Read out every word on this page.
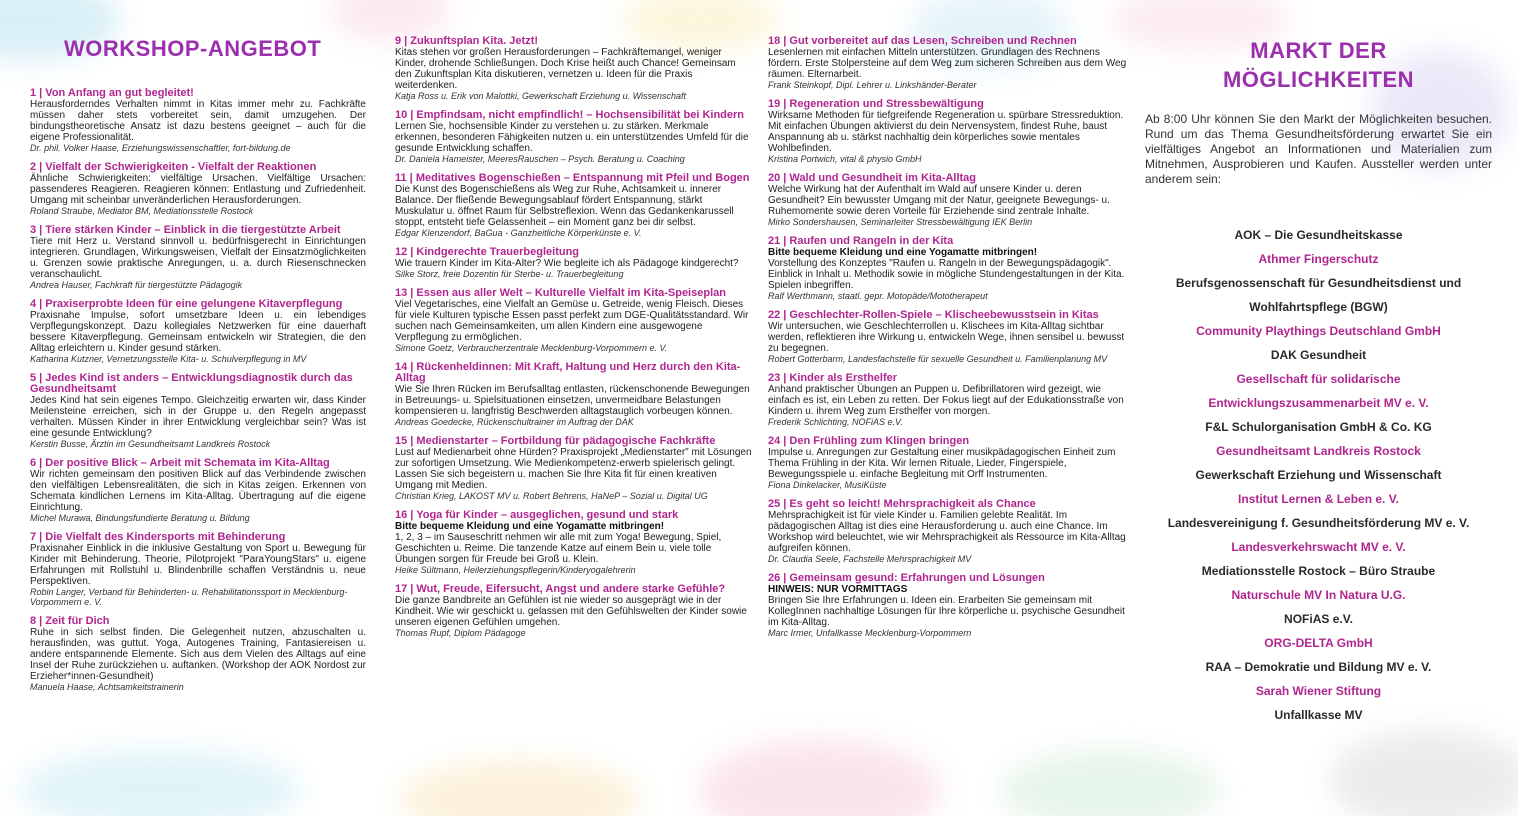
WORKSHOP-ANGEBOT
1 | Von Anfang an gut begleitet!
Herausforderndes Verhalten nimmt in Kitas immer mehr zu. Fachkräfte müssen daher stets vorbereitet sein, damit umzugehen. Der bindungstheoretische Ansatz ist dazu bestens geeignet – auch für die eigene Professionalität.
Dr. phil. Volker Haase, Erziehungswissenschaftler, fort-bildung.de
2 | Vielfalt der Schwierigkeiten - Vielfalt der Reaktionen
Ähnliche Schwierigkeiten: vielfältige Ursachen. Vielfältige Ursachen: passenderes Reagieren. Reagieren können: Entlastung und Zufriedenheit. Umgang mit scheinbar unveränderlichen Herausforderungen.
Roland Straube, Mediator BM, Mediationsstelle Rostock
3 | Tiere stärken Kinder – Einblick in die tiergestützte Arbeit
Tiere mit Herz u. Verstand sinnvoll u. bedürfnisgerecht in Einrichtungen integrieren. Grundlagen, Wirkungsweisen, Vielfalt der Einsatzmöglichkeiten u. Grenzen sowie praktische Anregungen, u. a. durch Riesenschnecken veranschaulicht.
Andrea Hauser, Fachkraft für tiergestützte Pädagogik
4 | Praxiserprobte Ideen für eine gelungene Kitaverpflegung
Praxisnahe Impulse, sofort umsetzbare Ideen u. ein lebendiges Verpflegungskonzept. Dazu kollegiales Netzwerken für eine dauerhaft bessere Kitaverpflegung. Gemeinsam entwickeln wir Strategien, die den Alltag erleichtern u. Kinder gesund stärken.
Katharina Kutzner, Vernetzungsstelle Kita- u. Schulverpflegung in MV
5 | Jedes Kind ist anders – Entwicklungsdiagnostik durch das Gesundheitsamt
Jedes Kind hat sein eigenes Tempo. Gleichzeitig erwarten wir, dass Kinder Meilensteine erreichen, sich in der Gruppe u. den Regeln angepasst verhalten. Müssen Kinder in ihrer Entwicklung vergleichbar sein? Was ist eine gesunde Entwicklung?
Kerstin Busse, Ärztin im Gesundheitsamt Landkreis Rostock
6 | Der positive Blick – Arbeit mit Schemata im Kita-Alltag
Wir richten gemeinsam den positiven Blick auf das Verbindende zwischen den vielfältigen Lebensrealitäten, die sich in Kitas zeigen. Erkennen von Schemata kindlichen Lernens im Kita-Alltag. Übertragung auf die eigene Einrichtung.
Michel Murawa, Bindungsfundierte Beratung u. Bildung
7 | Die Vielfalt des Kindersports mit Behinderung
Praxisnaher Einblick in die inklusive Gestaltung von Sport u. Bewegung für Kinder mit Behinderung. Theorie, Pilotprojekt "ParaYoungStars" u. eigene Erfahrungen mit Rollstuhl u. Blindenbrille schaffen Verständnis u. neue Perspektiven.
Robin Langer, Verband für Behinderten- u. Rehabilitationssport in Mecklenburg-Vorpommern e. V.
8 | Zeit für Dich
Ruhe in sich selbst finden. Die Gelegenheit nutzen, abzuschalten u. herausfinden, was guttut. Yoga, Autogenes Training, Fantasiereisen u. andere entspannende Elemente. Sich aus dem Vielen des Alltags auf eine Insel der Ruhe zurückziehen u. auftanken. (Workshop der AOK Nordost zur Erzieher*innen-Gesundheit)
Manuela Haase, Achtsamkeitstrainerin
9 | Zukunftsplan Kita. Jetzt!
Kitas stehen vor großen Herausforderungen – Fachkräftemangel, weniger Kinder, drohende Schließungen. Doch Krise heißt auch Chance! Gemeinsam den Zukunftsplan Kita diskutieren, vernetzen u. Ideen für die Praxis weiterdenken.
Katja Ross u. Erik von Malottki, Gewerkschaft Erziehung u. Wissenschaft
10 | Empfindsam, nicht empfindlich! – Hochsensibilität bei Kindern
Lernen Sie, hochsensible Kinder zu verstehen u. zu stärken. Merkmale erkennen, besonderen Fähigkeiten nutzen u. ein unterstützendes Umfeld für die gesunde Entwicklung schaffen.
Dr. Daniela Hameister, MeeresRauschen – Psych. Beratung u. Coaching
11 | Meditatives Bogenschießen – Entspannung mit Pfeil und Bogen
Die Kunst des Bogenschießens als Weg zur Ruhe, Achtsamkeit u. innerer Balance. Der fließende Bewegungsablauf fördert Entspannung, stärkt Muskulatur u. öffnet Raum für Selbstreflexion. Wenn das Gedankenkarussell stoppt, entsteht tiefe Gelassenheit – ein Moment ganz bei dir selbst.
Edgar Klenzendorf, BaGua - Ganzheitliche Körperkünste e. V.
12 | Kindgerechte Trauerbegleitung
Wie trauern Kinder im Kita-Alter? Wie begleite ich als Pädagoge kindgerecht?
Silke Storz, freie Dozentin für Sterbe- u. Trauerbegleitung
13 | Essen aus aller Welt – Kulturelle Vielfalt im Kita-Speiseplan
Viel Vegetarisches, eine Vielfalt an Gemüse u. Getreide, wenig Fleisch. Dieses für viele Kulturen typische Essen passt perfekt zum DGE-Qualitätsstandard. Wir suchen nach Gemeinsamkeiten, um allen Kindern eine ausgewogene Verpflegung zu ermöglichen.
Simone Goetz, Verbraucherzentrale Mecklenburg-Vorpommern e. V.
14 | Rückenheldinnen: Mit Kraft, Haltung und Herz durch den Kita-Alltag
Wie Sie Ihren Rücken im Berufsalltag entlasten, rückenschonende Bewegungen in Betreuungs- u. Spielsituationen einsetzen, unvermeidbare Belastungen kompensieren u. langfristig Beschwerden alltagstauglich vorbeugen können.
Andreas Goedecke, Rückenschultrainer im Auftrag der DAK
15 | Medienstarter – Fortbildung für pädagogische Fachkräfte
Lust auf Medienarbeit ohne Hürden? Praxisprojekt „Medienstarter" mit Lösungen zur sofortigen Umsetzung. Wie Medienkompetenz-erwerb spielerisch gelingt. Lassen Sie sich begeistern u. machen Sie Ihre Kita fit für einen kreativen Umgang mit Medien.
Christian Krieg, LAKOST MV u. Robert Behrens, HaNeP – Sozial u. Digital UG
16 | Yoga für Kinder – ausgeglichen, gesund und stark
Bitte bequeme Kleidung und eine Yogamatte mitbringen!
1, 2, 3 – im Sauseschritt nehmen wir alle mit zum Yoga! Bewegung, Spiel, Geschichten u. Reime. Die tanzende Katze auf einem Bein u. viele tolle Übungen sorgen für Freude bei Groß u. Klein.
Heike Sültmann, Heilerziehungspflegerin/Kinderyogalehrerin
17 | Wut, Freude, Eifersucht, Angst und andere starke Gefühle?
Die ganze Bandbreite an Gefühlen ist nie wieder so ausgeprägt wie in der Kindheit. Wie wir geschickt u. gelassen mit den Gefühlswelten der Kinder sowie unseren eigenen Gefühlen umgehen.
Thomas Rupf, Diplom Pädagoge
18 | Gut vorbereitet auf das Lesen, Schreiben und Rechnen
Lesenlernen mit einfachen Mitteln unterstützen. Grundlagen des Rechnens fördern. Erste Stolpersteine auf dem Weg zum sicheren Schreiben aus dem Weg räumen. Elternarbeit.
Frank Steinkopf, Dipl. Lehrer u. Linkshänder-Berater
19 | Regeneration und Stressbewältigung
Wirksame Methoden für tiefgreifende Regeneration u. spürbare Stressreduktion. Mit einfachen Übungen aktivierst du dein Nervensystem, findest Ruhe, baust Anspannung ab u. stärkst nachhaltig dein körperliches sowie mentales Wohlbefinden.
Kristina Portwich, vital & physio GmbH
20 | Wald und Gesundheit im Kita-Alltag
Welche Wirkung hat der Aufenthalt im Wald auf unsere Kinder u. deren Gesundheit? Ein bewusster Umgang mit der Natur, geeignete Bewegungs- u. Ruhemomente sowie deren Vorteile für Erziehende sind zentrale Inhalte.
Mirko Sondershausen, Seminarleiter Stressbewältigung IEK Berlin
21 | Raufen und Rangeln in der Kita
Bitte bequeme Kleidung und eine Yogamatte mitbringen!
Vorstellung des Konzeptes "Raufen u. Rangeln in der Bewegungspädagogik". Einblick in Inhalt u. Methodik sowie in mögliche Stundengestaltungen in der Kita. Spielen inbegriffen.
Ralf Werthmann, staatl. gepr. Motopäde/Mototherapeut
22 | Geschlechter-Rollen-Spiele – Klischeebewusstsein in Kitas
Wir untersuchen, wie Geschlechterrollen u. Klischees im Kita-Alltag sichtbar werden, reflektieren ihre Wirkung u. entwickeln Wege, ihnen sensibel u. bewusst zu begegnen.
Robert Gotterbarm, Landesfachstelle für sexuelle Gesundheit u. Familienplanung MV
23 | Kinder als Ersthelfer
Anhand praktischer Übungen an Puppen u. Defibrillatoren wird gezeigt, wie einfach es ist, ein Leben zu retten. Der Fokus liegt auf der Edukationsstraße von Kindern u. ihrem Weg zum Ersthelfer von morgen.
Frederik Schlichting, NOFiAS e.V.
24 | Den Frühling zum Klingen bringen
Impulse u. Anregungen zur Gestaltung einer musikpädagogischen Einheit zum Thema Frühling in der Kita. Wir lernen Rituale, Lieder, Fingerspiele, Bewegungsspiele u. einfache Begleitung mit Orff Instrumenten.
Fiona Dinkelacker, MusiKüste
25 | Es geht so leicht! Mehrsprachigkeit als Chance
Mehrsprachigkeit ist für viele Kinder u. Familien gelebte Realität. Im pädagogischen Alltag ist dies eine Herausforderung u. auch eine Chance. Im Workshop wird beleuchtet, wie wir Mehrsprachigkeit als Ressource im Kita-Alltag aufgreifen können.
Dr. Claudia Seele, Fachstelle Mehrsprachigkeit MV
26 | Gemeinsam gesund: Erfahrungen und Lösungen
HINWEIS: NUR VORMITTAGS
Bringen Sie Ihre Erfahrungen u. Ideen ein. Erarbeiten Sie gemeinsam mit KollegInnen nachhaltige Lösungen für Ihre körperliche u. psychische Gesundheit im Kita-Alltag.
Marc Irmer, Unfallkasse Mecklenburg-Vorpommern
MARKT DER
MÖGLICHKEITEN
Ab 8:00 Uhr können Sie den Markt der Möglichkeiten besuchen. Rund um das Thema Gesundheitsförderung erwartet Sie ein vielfältiges Angebot an Informationen und Materialien zum Mitnehmen, Ausprobieren und Kaufen. Aussteller werden unter anderem sein:
AOK – Die Gesundheitskasse
Athmer Fingerschutz
Berufsgenossenschaft für Gesundheitsdienst und
Wohlfahrtspflege (BGW)
Community Playthings Deutschland GmbH
DAK Gesundheit
Gesellschaft für solidarische
Entwicklungszusammenarbeit MV e. V.
F&L Schulorganisation GmbH & Co. KG
Gesundheitsamt Landkreis Rostock
Gewerkschaft Erziehung und Wissenschaft
Institut Lernen & Leben e. V.
Landesvereinigung f. Gesundheitsförderung MV e. V.
Landesverkehrswacht MV e. V.
Mediationsstelle Rostock – Büro Straube
Naturschule MV In Natura U.G.
NOFiAS e.V.
ORG-DELTA GmbH
RAA – Demokratie und Bildung MV e. V.
Sarah Wiener Stiftung
Unfallkasse MV
